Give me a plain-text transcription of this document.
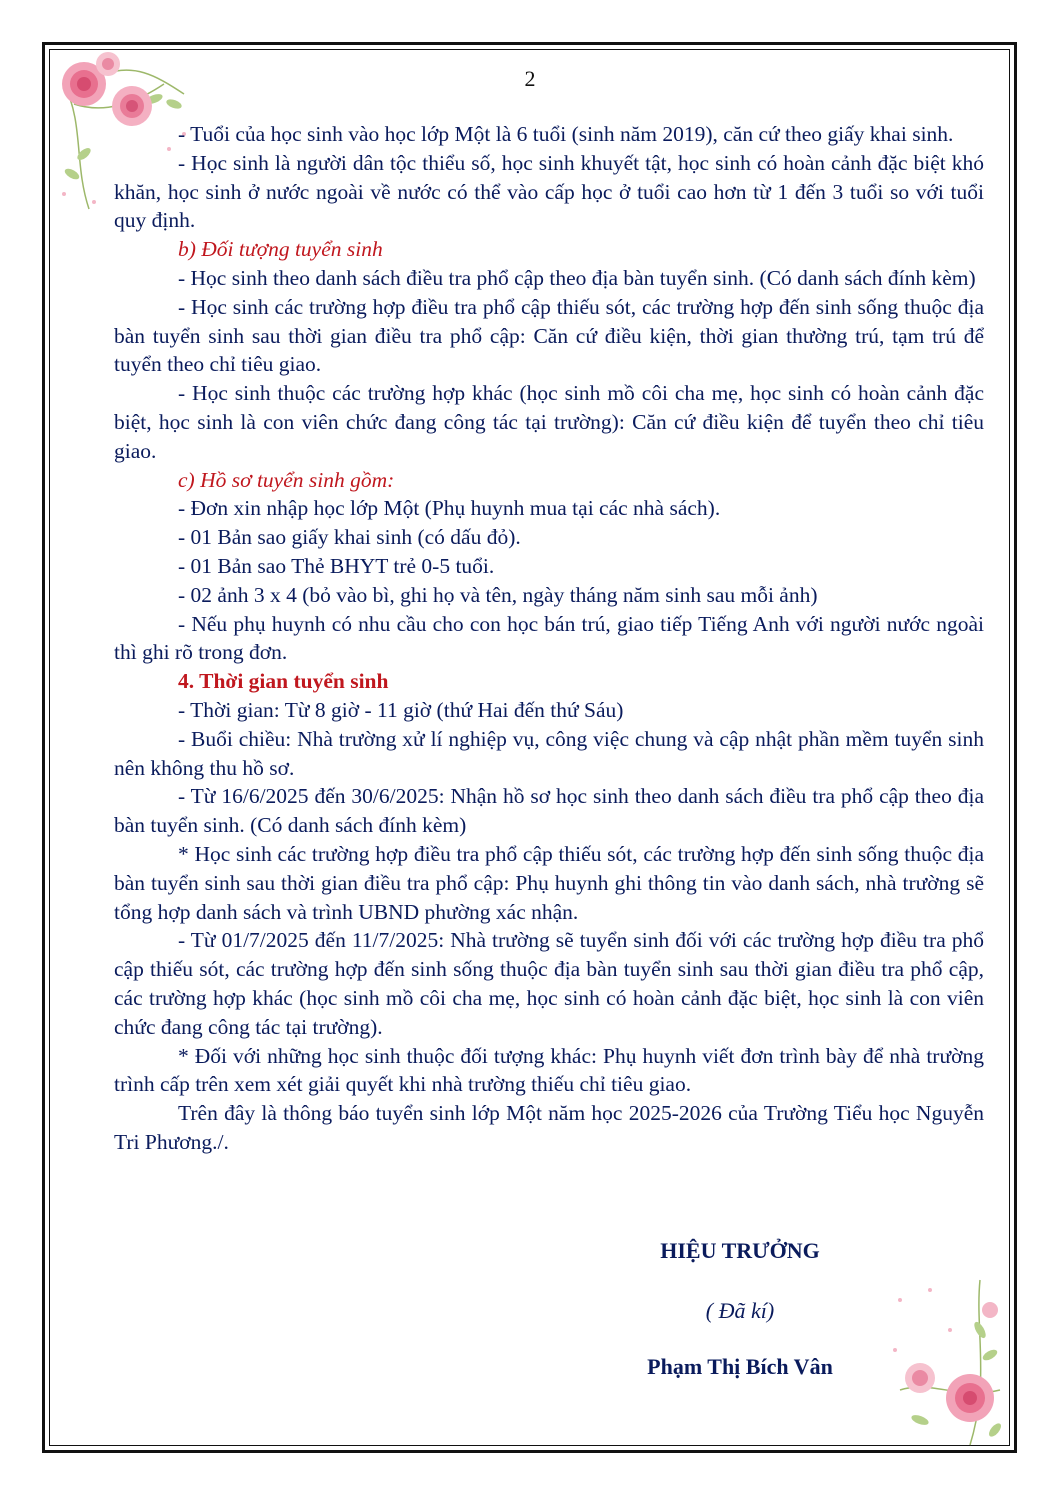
2

- Tuổi của học sinh vào học lớp Một là 6 tuổi (sinh năm 2019), căn cứ theo giấy khai sinh.

- Học sinh là người dân tộc thiểu số, học sinh khuyết tật, học sinh có hoàn cảnh đặc biệt khó khăn, học sinh ở nước ngoài về nước có thể vào cấp học ở tuổi cao hơn từ 1 đến 3 tuổi so với tuổi quy định.

b) Đối tượng tuyển sinh

- Học sinh theo danh sách điều tra phổ cập theo địa bàn tuyển sinh. (Có danh sách đính kèm)

- Học sinh các trường hợp điều tra phổ cập thiếu sót, các trường hợp đến sinh sống thuộc địa bàn tuyển sinh sau thời gian điều tra phổ cập: Căn cứ điều kiện, thời gian thường trú, tạm trú để tuyển theo chỉ tiêu giao.

- Học sinh thuộc các trường hợp khác (học sinh mồ côi cha mẹ, học sinh có hoàn cảnh đặc biệt, học sinh là con viên chức đang công tác tại trường): Căn cứ điều kiện để tuyển theo chỉ tiêu giao.

c) Hồ sơ tuyển sinh gồm:

- Đơn xin nhập học lớp Một (Phụ huynh mua tại các nhà sách).

- 01 Bản sao giấy khai sinh (có dấu đỏ).

- 01 Bản sao Thẻ BHYT trẻ 0-5 tuổi.

- 02 ảnh 3 x 4 (bỏ vào bì, ghi họ và tên, ngày tháng năm sinh sau mỗi ảnh)

- Nếu phụ huynh có nhu cầu cho con học bán trú, giao tiếp Tiếng Anh với người nước ngoài thì ghi rõ trong đơn.

4. Thời gian tuyển sinh

- Thời gian: Từ 8 giờ - 11 giờ (thứ Hai đến thứ Sáu)

- Buổi chiều: Nhà trường xử lí nghiệp vụ, công việc chung và cập nhật phần mềm tuyển sinh nên không thu hồ sơ.

- Từ 16/6/2025 đến 30/6/2025: Nhận hồ sơ học sinh theo danh sách điều tra phổ cập theo địa bàn tuyển sinh. (Có danh sách đính kèm)

* Học sinh các trường hợp điều tra phổ cập thiếu sót, các trường hợp đến sinh sống thuộc địa bàn tuyển sinh sau thời gian điều tra phổ cập: Phụ huynh ghi thông tin vào danh sách, nhà trường sẽ tổng hợp danh sách và trình UBND phường xác nhận.

- Từ 01/7/2025 đến 11/7/2025: Nhà trường sẽ tuyển sinh đối với các trường hợp điều tra phổ cập thiếu sót, các trường hợp đến sinh sống thuộc địa bàn tuyển sinh sau thời gian điều tra phổ cập, các trường hợp khác (học sinh mồ côi cha mẹ, học sinh có hoàn cảnh đặc biệt, học sinh là con viên chức đang công tác tại trường).

* Đối với những học sinh thuộc đối tượng khác: Phụ huynh viết đơn trình bày để nhà trường trình cấp trên xem xét giải quyết khi nhà trường thiếu chỉ tiêu giao.

Trên đây là thông báo tuyển sinh lớp Một năm học 2025-2026 của Trường Tiểu học Nguyễn Tri Phương./.

HIỆU TRƯỞNG
( Đã kí)
Phạm Thị Bích Vân
